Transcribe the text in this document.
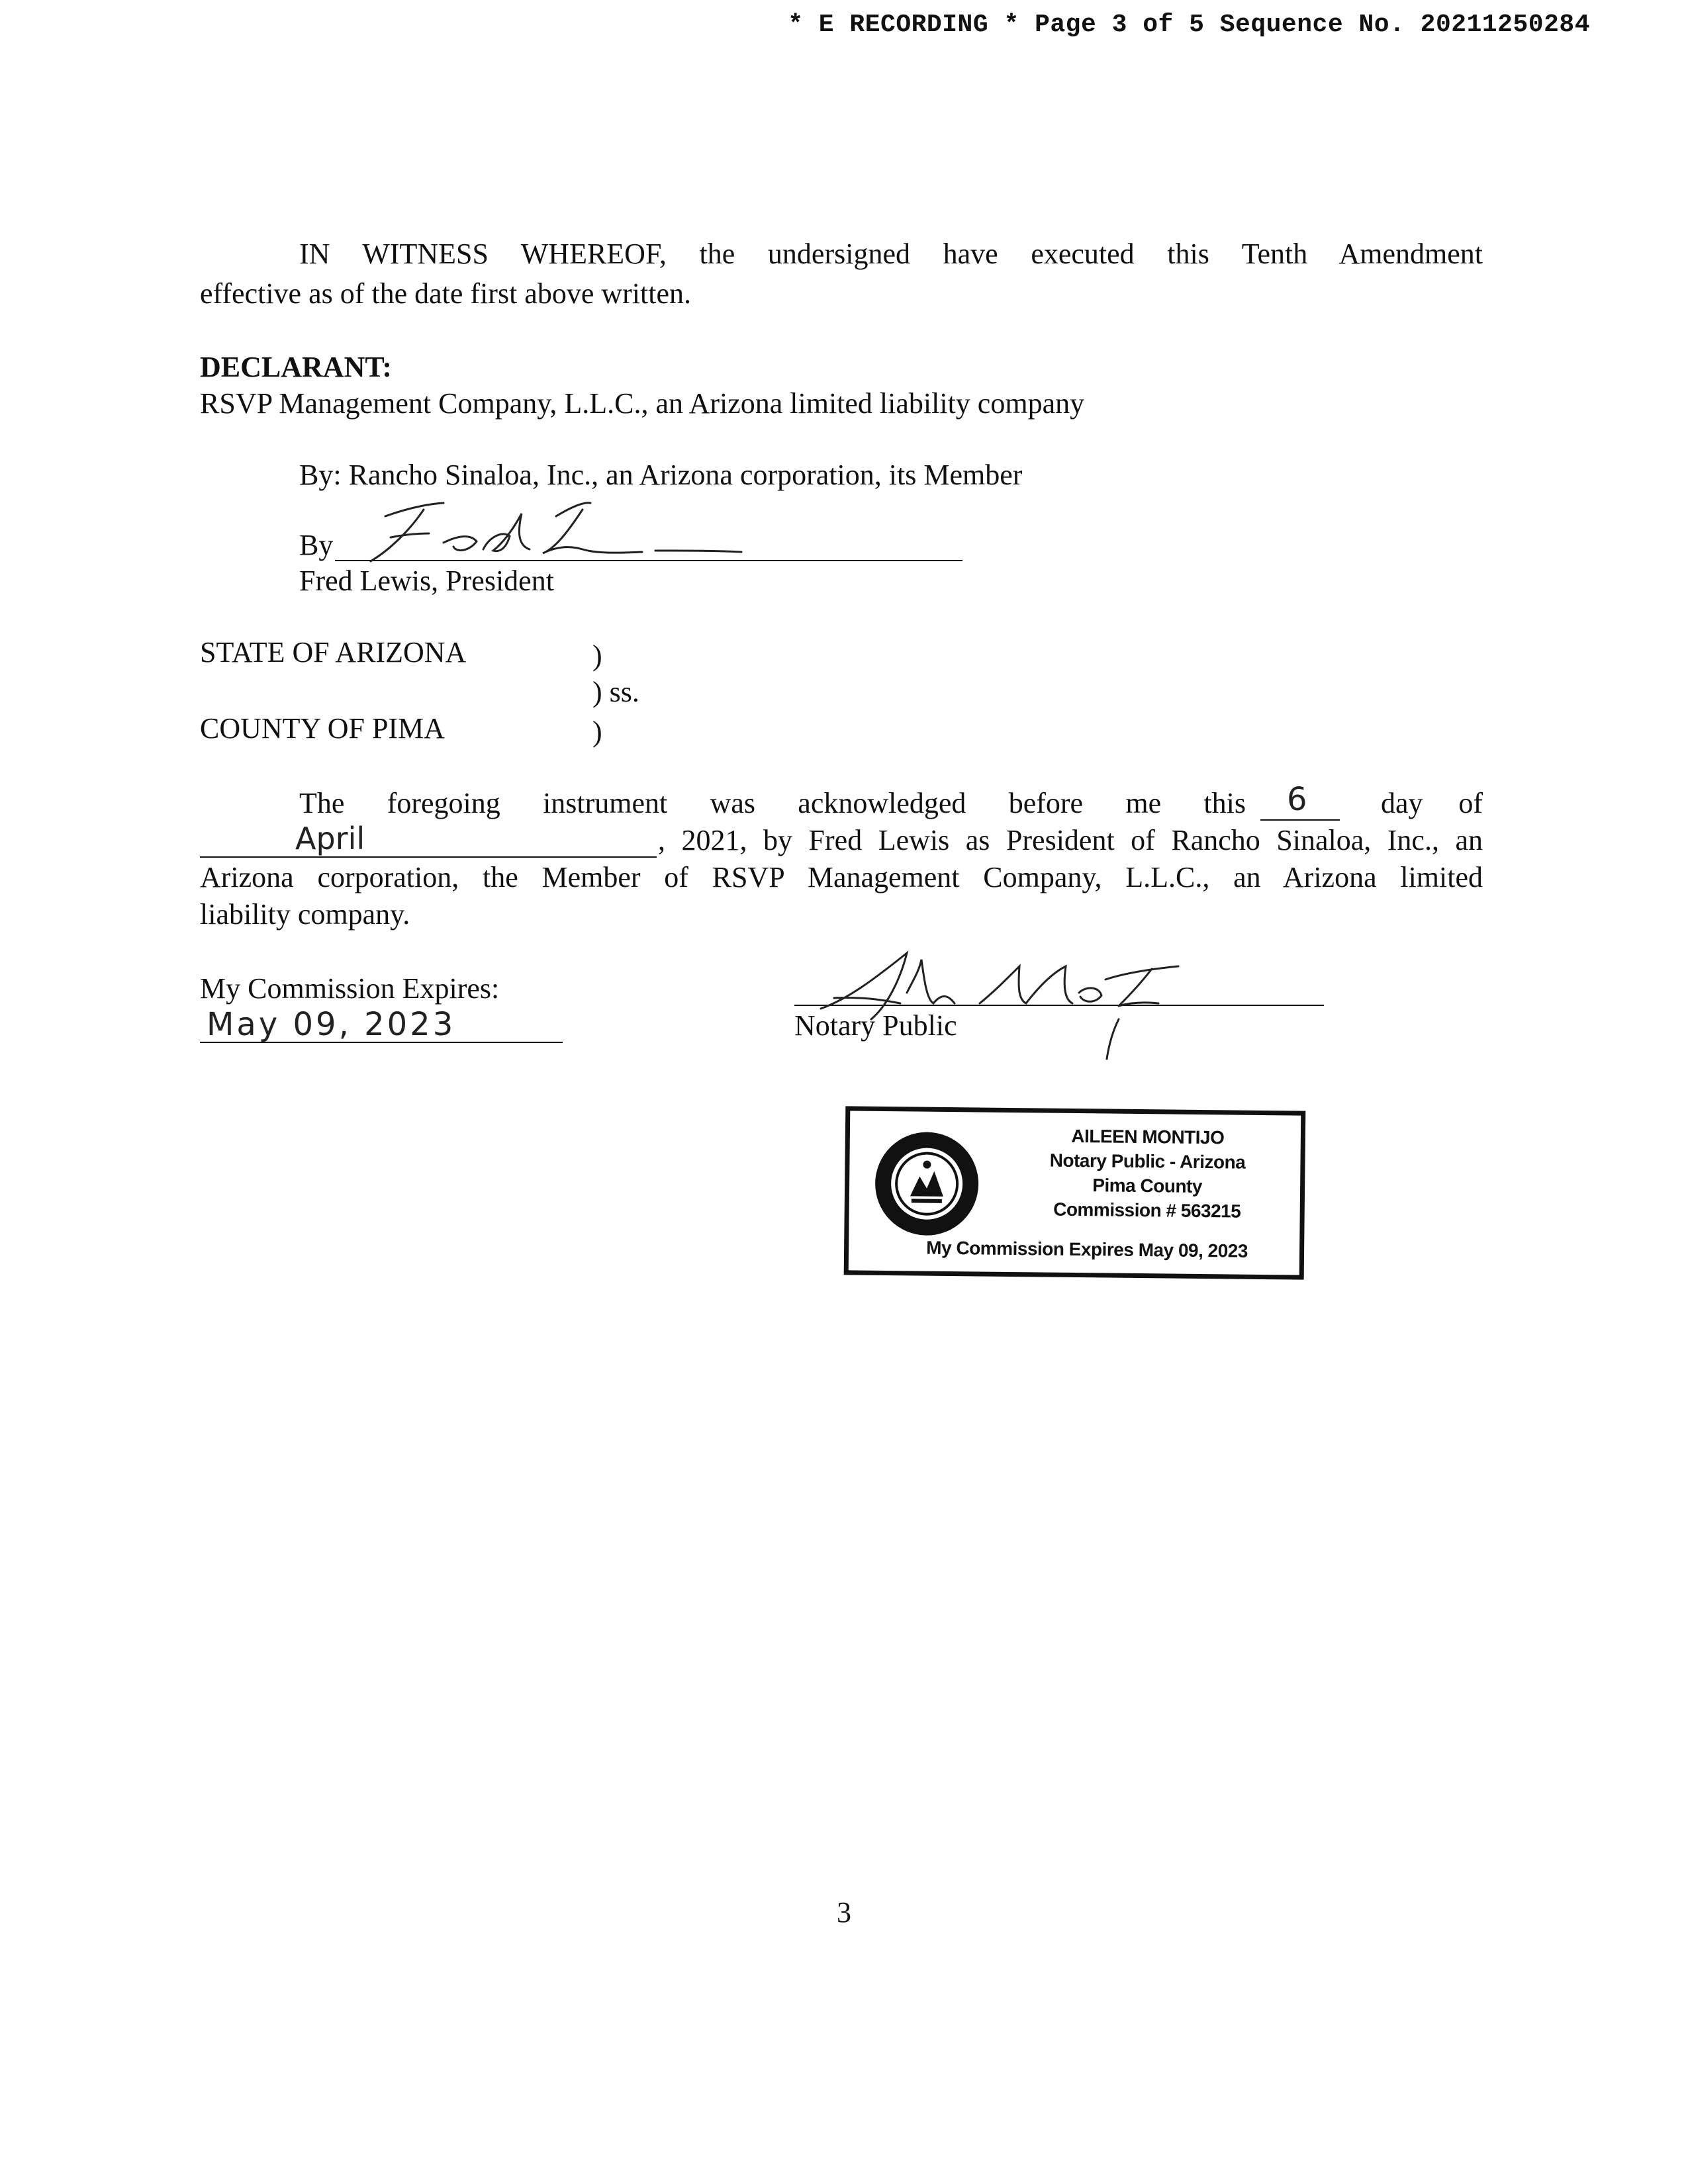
* E RECORDING * Page 3 of 5 Sequence No. 20211250284
IN WITNESS WHEREOF, the undersigned have executed this Tenth Amendment
effective as of the date first above written.
DECLARANT:
RSVP Management Company, L.L.C., an Arizona limited liability company
By: Rancho Sinaloa, Inc., an Arizona corporation, its Member
By
Fred Lewis, President
STATE OF ARIZONA	)
) ss.
COUNTY OF PIMA	)
The foregoing instrument was acknowledged before me this 6	day of
April	, 2021, by Fred Lewis as President of Rancho Sinaloa, Inc., an
Arizona corporation, the Member of RSVP Management Company, L.L.C., an Arizona limited
liability company.
My Commission Expires:
May 09, 2023	Notary Public
AILEEN MONTIJO
Notary Public - Arizona
Pima County
Commission # 563215
My Commission Expires May 09, 2023
3
